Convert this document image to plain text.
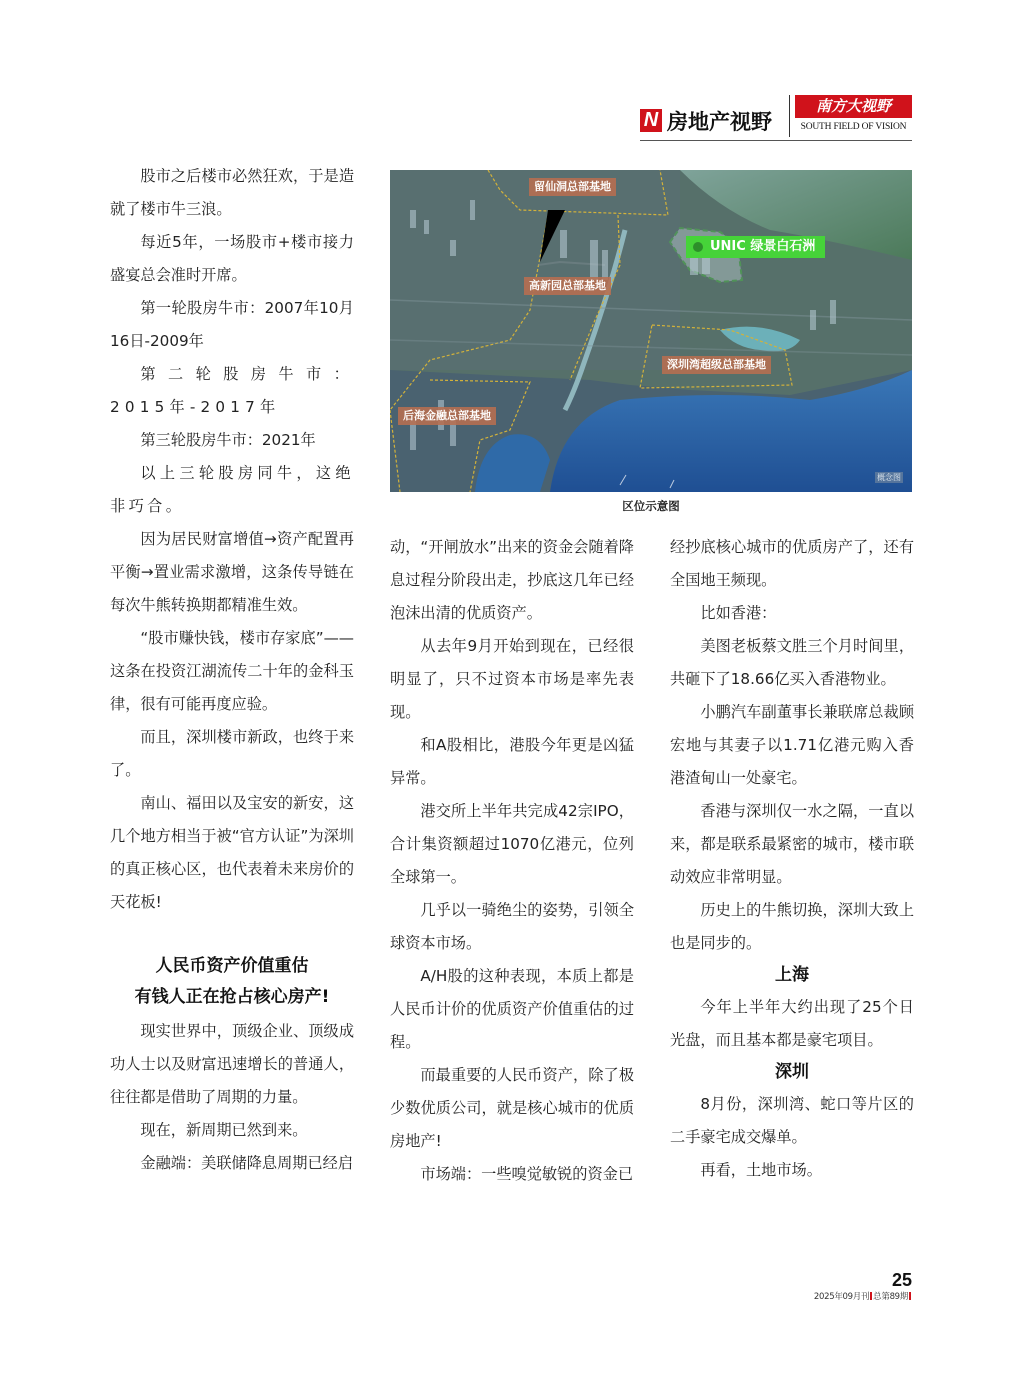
N 房地产视野
南方大视野
SOUTH FIELD OF VISION

股市之后楼市必然狂欢，于是造就了楼市牛三浪。

每近5年，一场股市+楼市接力盛宴总会准时开席。

第一轮股房牛市：2007年10月16日-2009年

第二轮股房牛市：2015年-2017年

第三轮股房牛市：2021年

以上三轮股房同牛，这绝非巧合。

因为居民财富增值→资产配置再平衡→置业需求激增，这条传导链在每次牛熊转换期都精准生效。

“股市赚快钱，楼市存家底”——这条在投资江湖流传二十年的金科玉律，很有可能再度应验。

而且，深圳楼市新政，也终于来了。

南山、福田以及宝安的新安，这几个地方相当于被“官方认证”为深圳的真正核心区，也代表着未来房价的天花板!

人民币资产价值重估

有钱人正在抢占核心房产!

现实世界中，顶级企业、顶级成功人士以及财富迅速增长的普通人，往往都是借助了周期的力量。

现在，新周期已然到来。

金融端：美联储降息周期已经启

留仙洞总部基地
高新园总部基地
深圳湾超级总部基地
后海金融总部基地
UNIC 绿景白石洲
概念图
区位示意图

动，“开闸放水”出来的资金会随着降息过程分阶段出走，抄底这几年已经泡沫出清的优质资产。

从去年9月开始到现在，已经很明显了，只不过资本市场是率先表现。

和A股相比，港股今年更是凶猛异常。

港交所上半年共完成42宗IPO，合计集资额超过1070亿港元，位列全球第一。

几乎以一骑绝尘的姿势，引领全球资本市场。

A/H股的这种表现，本质上都是人民币计价的优质资产价值重估的过程。

而最重要的人民币资产，除了极少数优质公司，就是核心城市的优质房地产!

市场端：一些嗅觉敏锐的资金已

经抄底核心城市的优质房产了，还有全国地王频现。

比如香港：

美图老板蔡文胜三个月时间里，共砸下了18.66亿买入香港物业。

小鹏汽车副董事长兼联席总裁顾宏地与其妻子以1.71亿港元购入香港渣甸山一处豪宅。

香港与深圳仅一水之隔，一直以来，都是联系最紧密的城市，楼市联动效应非常明显。

历史上的牛熊切换，深圳大致上也是同步的。

上海

今年上半年大约出现了25个日光盘，而且基本都是豪宅项目。

深圳

8月份，深圳湾、蛇口等片区的二手豪宅成交爆单。

再看，土地市场。

25
2025年09月刊 总第89期
